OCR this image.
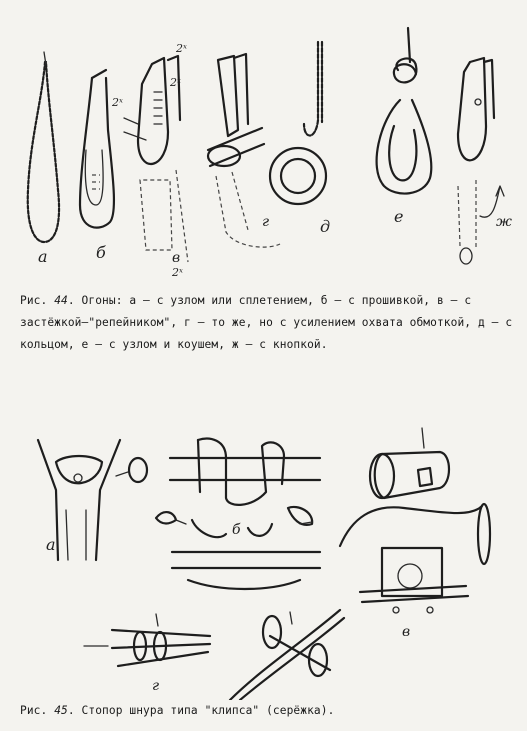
а	б	в
г	д
е	ж
2ˣ
2ˣ
2ˣ
2ˣ
Рис. 44. Огоны: а – с узлом или сплетением, б – с прошивкой, в – с застёжкой–"репейником", г – то же, но с усилением охвата обмоткой, д – с кольцом, е – с узлом и коушем, ж – с кнопкой.
а
б
в
г
Рис. 45. Стопор шнура типа "клипса" (серёжка).
